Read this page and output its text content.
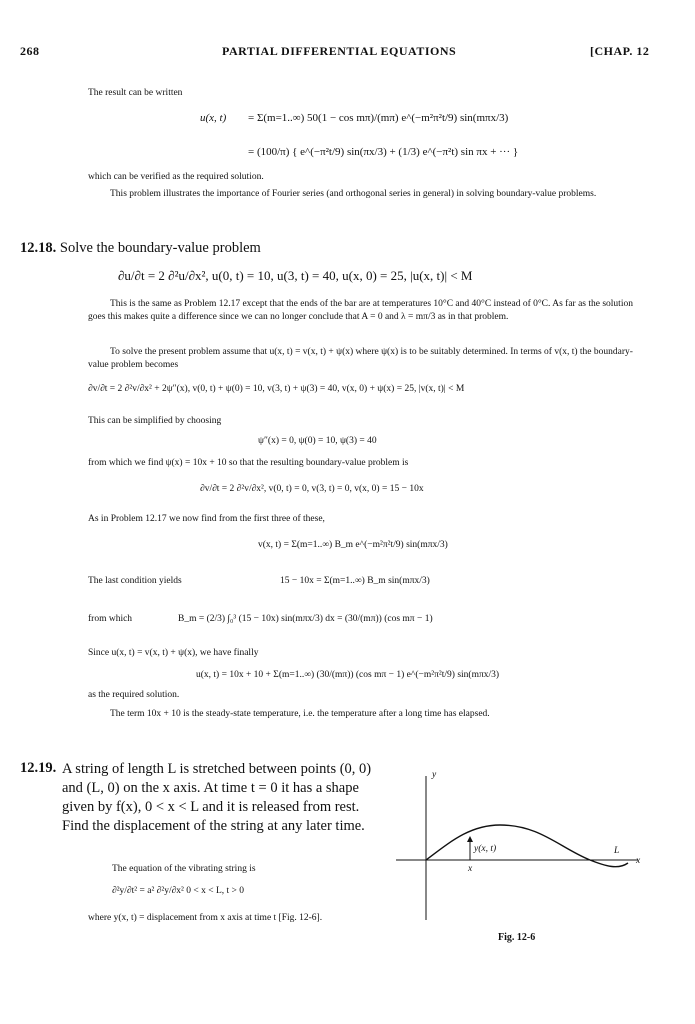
268	PARTIAL DIFFERENTIAL EQUATIONS	[CHAP. 12
The result can be written
u(x, t) = Σ(m=1..∞) 50(1 − cos mπ)/(mπ) e^(−m²π²t/9) sin(mπx/3)
= (100/π) { e^(−π²t/9) sin(πx/3) + (1/3) e^(−π²t) sin πx + ··· }
which can be verified as the required solution.
This problem illustrates the importance of Fourier series (and orthogonal series in general) in solving boundary-value problems.
12.18. Solve the boundary-value problem
∂u/∂t = 2 ∂²u/∂x², u(0, t) = 10, u(3, t) = 40, u(x, 0) = 25, |u(x, t)| < M
This is the same as Problem 12.17 except that the ends of the bar are at temperatures 10°C and 40°C instead of 0°C. As far as the solution goes this makes quite a difference since we can no longer conclude that A = 0 and λ = mπ/3 as in that problem.
To solve the present problem assume that u(x, t) = v(x, t) + ψ(x) where ψ(x) is to be suitably determined. In terms of v(x, t) the boundary-value problem becomes
∂v/∂t = 2 ∂²v/∂x² + 2ψ″(x), v(0, t) + ψ(0) = 10, v(3, t) + ψ(3) = 40, v(x, 0) + ψ(x) = 25, |v(x, t)| < M
This can be simplified by choosing
ψ″(x) = 0, ψ(0) = 10, ψ(3) = 40
from which we find ψ(x) = 10x + 10 so that the resulting boundary-value problem is
∂v/∂t = 2 ∂²v/∂x², v(0, t) = 0, v(3, t) = 0, v(x, 0) = 15 − 10x
As in Problem 12.17 we now find from the first three of these,
v(x, t) = Σ(m=1..∞) B_m e^(−m²π²t/9) sin(mπx/3)
The last condition yields	15 − 10x = Σ(m=1..∞) B_m sin(mπx/3)
from which	B_m = (2/3) ∫₀³ (15 − 10x) sin(mπx/3) dx = (30/(mπ)) (cos mπ − 1)
Since u(x, t) = v(x, t) + ψ(x), we have finally
u(x, t) = 10x + 10 + Σ(m=1..∞) (30/(mπ)) (cos mπ − 1) e^(−m²π²t/9) sin(mπx/3)
as the required solution.
The term 10x + 10 is the steady-state temperature, i.e. the temperature after a long time has elapsed.
12.19. A string of length L is stretched between points (0, 0) and (L, 0) on the x axis. At time t = 0 it has a shape given by f(x), 0 < x < L and it is released from rest. Find the displacement of the string at any later time.
The equation of the vibrating string is
∂²y/∂t² = a² ∂²y/∂x² 0 < x < L, t > 0
where y(x, t) = displacement from x axis at time t [Fig. 12-6].
y
x
L
y(x, t)
x
Fig. 12-6
